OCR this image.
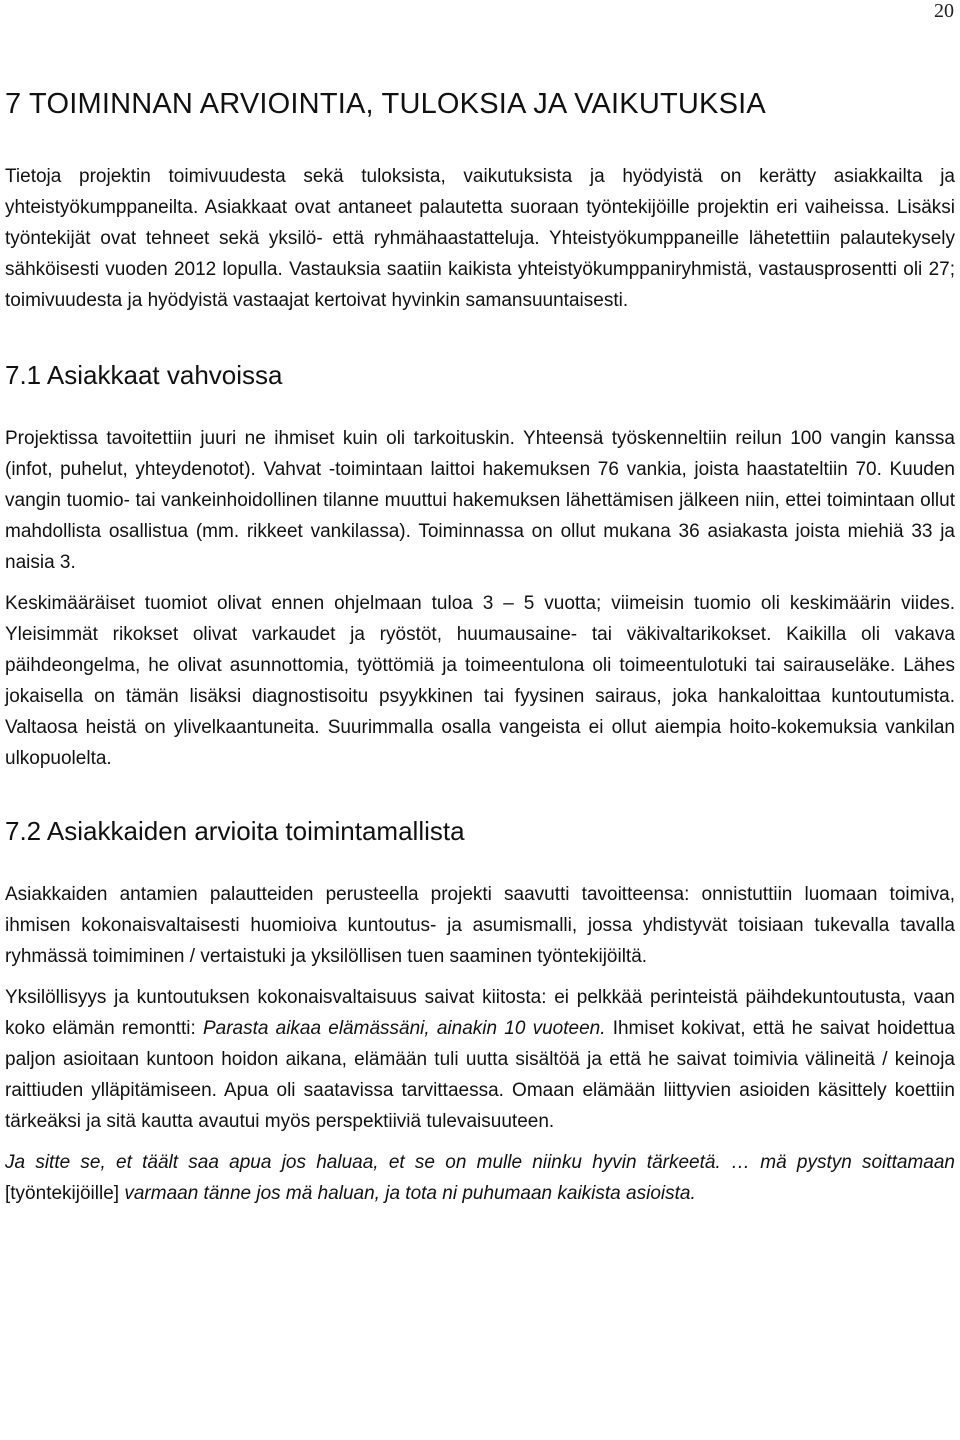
20
7 TOIMINNAN ARVIOINTIA, TULOKSIA JA VAIKUTUKSIA

Tietoja projektin toimivuudesta sekä tuloksista, vaikutuksista ja hyödyistä on kerätty asiakkailta ja yhteistyökumppaneilta. Asiakkaat ovat antaneet palautetta suoraan työntekijöille projektin eri vaiheissa. Lisäksi työntekijät ovat tehneet sekä yksilö- että ryhmähaastatteluja. Yhteistyökumppaneille lähetettiin palautekysely sähköisesti vuoden 2012 lopulla. Vastauksia saatiin kaikista yhteistyökumppaniryhmistä, vastausprosentti oli 27; toimivuudesta ja hyödyistä vastaajat kertoivat hyvinkin samansuuntaisesti.

7.1 Asiakkaat vahvoissa

Projektissa tavoitettiin juuri ne ihmiset kuin oli tarkoituskin. Yhteensä työskenneltiin reilun 100 vangin kanssa (infot, puhelut, yhteydenotot). Vahvat -toimintaan laittoi hakemuksen 76 vankia, joista haastateltiin 70. Kuuden vangin tuomio- tai vankeinhoidollinen tilanne muuttui hakemuksen lähettämisen jälkeen niin, ettei toimintaan ollut mahdollista osallistua (mm. rikkeet vankilassa). Toiminnassa on ollut mukana 36 asiakasta joista miehiä 33 ja naisia 3.

Keskimääräiset tuomiot olivat ennen ohjelmaan tuloa 3 – 5 vuotta; viimeisin tuomio oli keskimäärin viides. Yleisimmät rikokset olivat varkaudet ja ryöstöt, huumausaine- tai väkivaltarikokset. Kaikilla oli vakava päihdeongelma, he olivat asunnottomia, työttömiä ja toimeentulona oli toimeentulotuki tai sairauseläke. Lähes jokaisella on tämän lisäksi diagnostisoitu psyykkinen tai fyysinen sairaus, joka hankaloittaa kuntoutumista. Valtaosa heistä on ylivelkaantuneita. Suurimmalla osalla vangeista ei ollut aiempia hoito-kokemuksia vankilan ulkopuolelta.

7.2 Asiakkaiden arvioita toimintamallista

Asiakkaiden antamien palautteiden perusteella projekti saavutti tavoitteensa: onnistuttiin luomaan toimiva, ihmisen kokonaisvaltaisesti huomioiva kuntoutus- ja asumismalli, jossa yhdistyvät toisiaan tukevalla tavalla ryhmässä toimiminen / vertaistuki ja yksilöllisen tuen saaminen työntekijöiltä.

Yksilöllisyys ja kuntoutuksen kokonaisvaltaisuus saivat kiitosta: ei pelkkää perinteistä päihdekuntoutusta, vaan koko elämän remontti: Parasta aikaa elämässäni, ainakin 10 vuoteen. Ihmiset kokivat, että he saivat hoidettua paljon asioitaan kuntoon hoidon aikana, elämään tuli uutta sisältöä ja että he saivat toimivia välineitä / keinoja raittiuden ylläpitämiseen. Apua oli saatavissa tarvittaessa. Omaan elämään liittyvien asioiden käsittely koettiin tärkeäksi ja sitä kautta avautui myös perspektiiviä tulevaisuuteen.

Ja sitte se, et täält saa apua jos haluaa, et se on mulle niinku hyvin tärkeetä. … mä pystyn soittamaan [työntekijöille] varmaan tänne jos mä haluan, ja tota ni puhumaan kaikista asioista.
